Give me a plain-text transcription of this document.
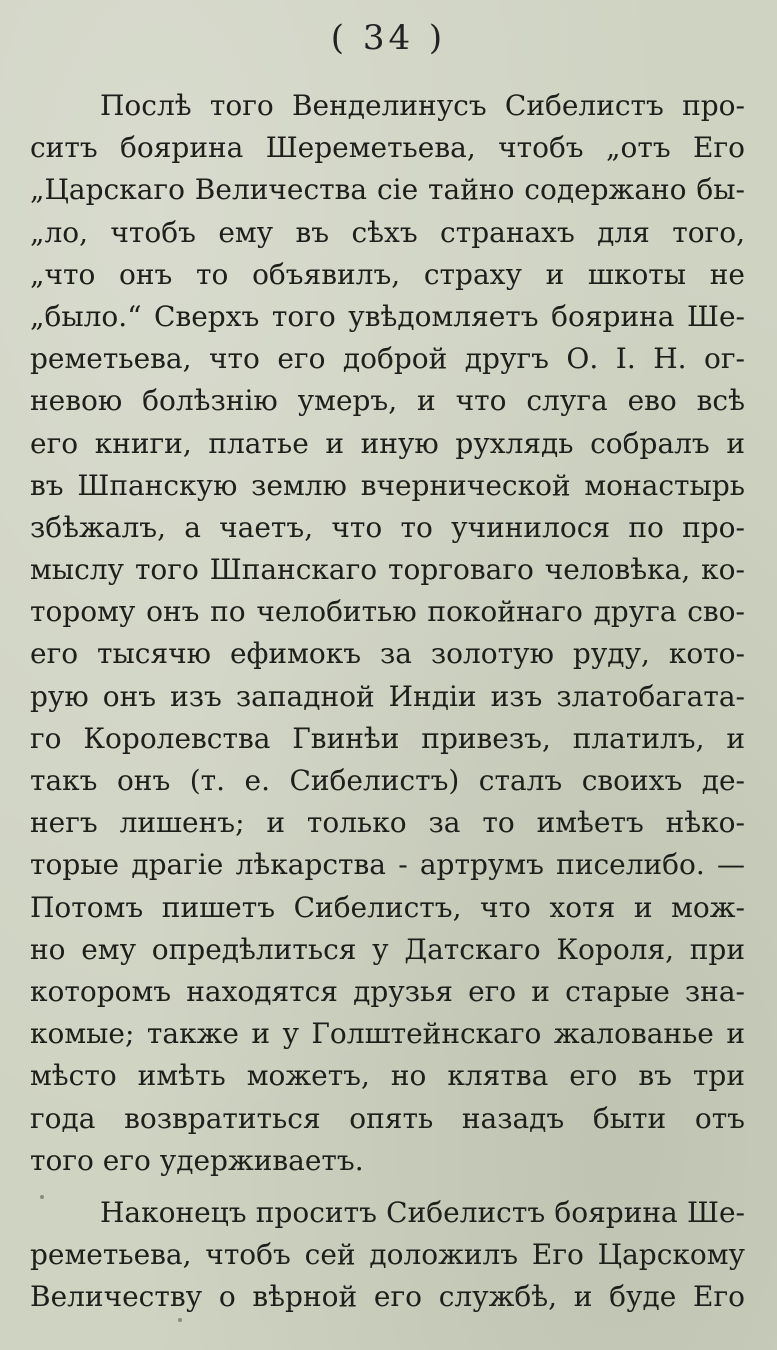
( 34 )
Послѣ того Венделинусъ Сибелистъ про-
ситъ боярина Шереметьева, чтобъ „отъ Его
„Царскаго Величества сіе тайно содержано бы-
„ло, чтобъ ему въ сѣхъ странахъ для того,
„что онъ то объявилъ, страху и шкоты не
„было.“ Сверхъ того увѣдомляетъ боярина Ше-
реметьева, что его доброй другъ О. І. Н. ог-
невою болѣзнію умеръ, и что слуга ево всѣ
его книги, платье и иную рухлядь собралъ и
въ Шпанскую землю вчернической монастырь
збѣжалъ, а чаетъ, что то учинилося по про-
мыслу того Шпанскаго торговаго человѣка, ко-
торому онъ по челобитью покойнаго друга сво-
его тысячю ефимокъ за золотую руду, кото-
рую онъ изъ западной Индіи изъ златобагата-
го Королевства Гвинѣи привезъ, платилъ, и
такъ онъ (т. е. Сибелистъ) сталъ своихъ де-
негъ лишенъ; и только за то имѣетъ нѣко-
торые драгіе лѣкарства - артрумъ писелибо. —
Потомъ пишетъ Сибелистъ, что хотя и мож-
но ему опредѣлиться у Датскаго Короля, при
которомъ находятся друзья его и старые зна-
комые; также и у Голштейнскаго жалованье и
мѣсто имѣть можетъ, но клятва его въ три
года возвратиться опять назадъ быти отъ
того его удерживаетъ.
Наконецъ проситъ Сибелистъ боярина Ше-
реметьева, чтобъ сей доложилъ Его Царскому
Величеству о вѣрной его службѣ, и буде Его
